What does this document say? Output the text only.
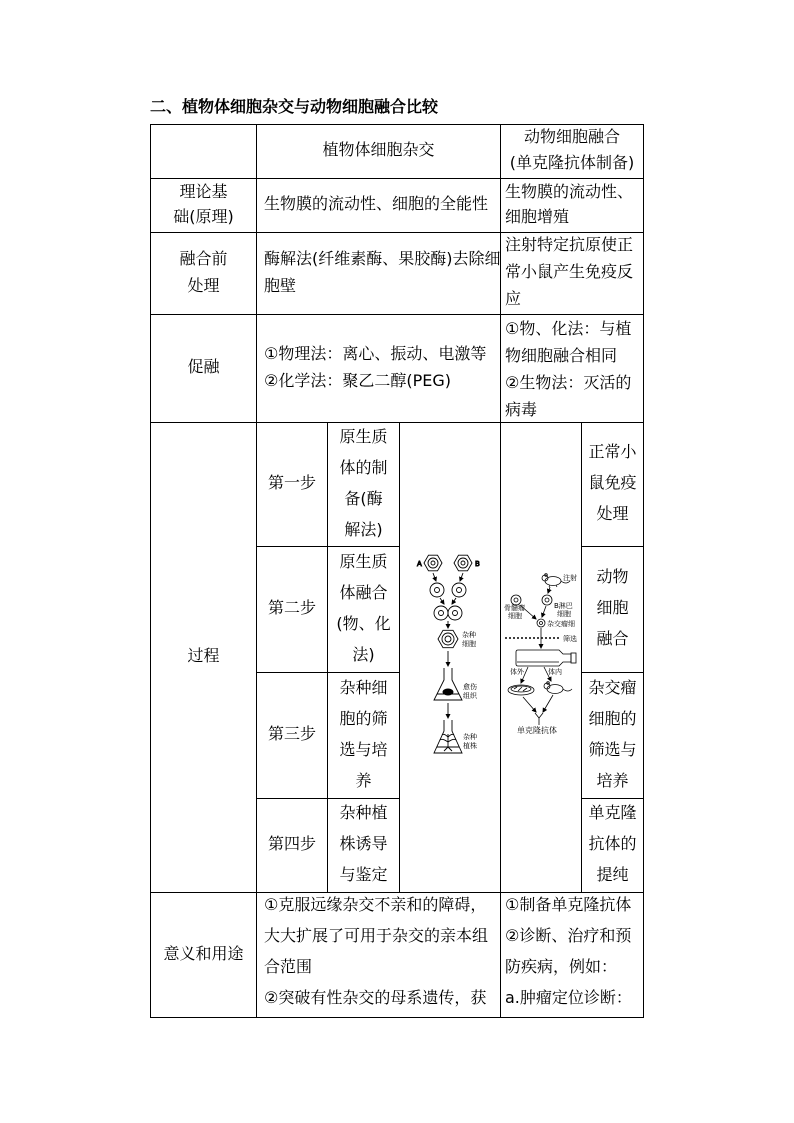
二、植物体细胞杂交与动物细胞融合比较
植物体细胞杂交
动物细胞融合
(单克隆抗体制备)
理论基
础(原理)
生物膜的流动性、细胞的全能性
生物膜的流动性、
细胞增殖
融合前
处理
酶解法(纤维素酶、果胶酶)去除细
胞壁
注射特定抗原使正
常小鼠产生免疫反
应
促融
①物理法：离心、振动、电激等
②化学法：聚乙二醇(PEG)
①物、化法：与植
物细胞融合相同
②生物法：灭活的
病毒
过程
第一步
原生质
体的制
备(酶
解法)
第二步
原生质
体融合
(物、化
法)
第三步
杂种细
胞的筛
选与培
养
第四步
杂种植
株诱导
与鉴定
正常小
鼠免疫
处理
动物
细胞
融合
杂交瘤
细胞的
筛选与
培养
单克隆
抗体的
提纯
意义和用途
①克服远缘杂交不亲和的障碍，
大大扩展了可用于杂交的亲本组
合范围
②突破有性杂交的母系遗传，获
①制备单克隆抗体
②诊断、治疗和预
防疾病，例如：
a.肿瘤定位诊断：
A	B
杂种
细胞
愈伤
组织
杂种
植株
注射
骨髓瘤
细胞
B淋巴
细胞
杂交瘤细
筛选
体外	体内
单克隆抗体
